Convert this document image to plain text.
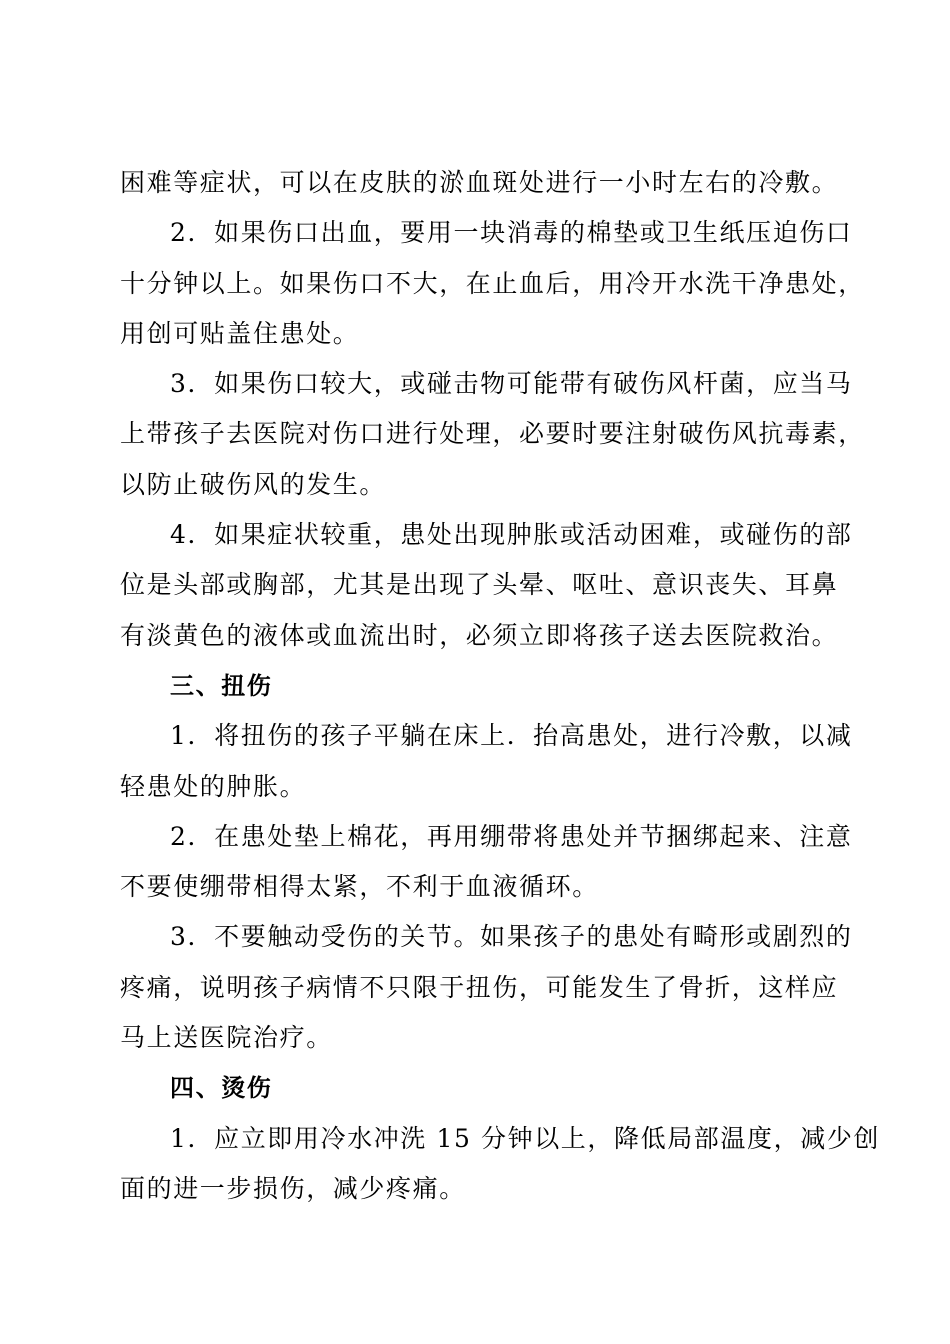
困难等症状，可以在皮肤的淤血斑处进行一小时左右的冷敷。
2．如果伤口出血，要用一块消毒的棉垫或卫生纸压迫伤口
十分钟以上。如果伤口不大，在止血后，用冷开水洗干净患处，
用创可贴盖住患处。
3．如果伤口较大，或碰击物可能带有破伤风杆菌，应当马
上带孩子去医院对伤口进行处理，必要时要注射破伤风抗毒素，
以防止破伤风的发生。
4．如果症状较重，患处出现肿胀或活动困难，或碰伤的部
位是头部或胸部，尤其是出现了头晕、呕吐、意识丧失、耳鼻
有淡黄色的液体或血流出时，必须立即将孩子送去医院救治。
三、扭伤
1．将扭伤的孩子平躺在床上．抬高患处，进行冷敷，以减
轻患处的肿胀。
2．在患处垫上棉花，再用绷带将患处并节捆绑起来、注意
不要使绷带相得太紧，不利于血液循环。
3．不要触动受伤的关节。如果孩子的患处有畸形或剧烈的
疼痛，说明孩子病情不只限于扭伤，可能发生了骨折，这样应
马上送医院治疗。
四、烫伤
1．应立即用冷水冲洗 15 分钟以上，降低局部温度，减少创
面的进一步损伤，减少疼痛。
